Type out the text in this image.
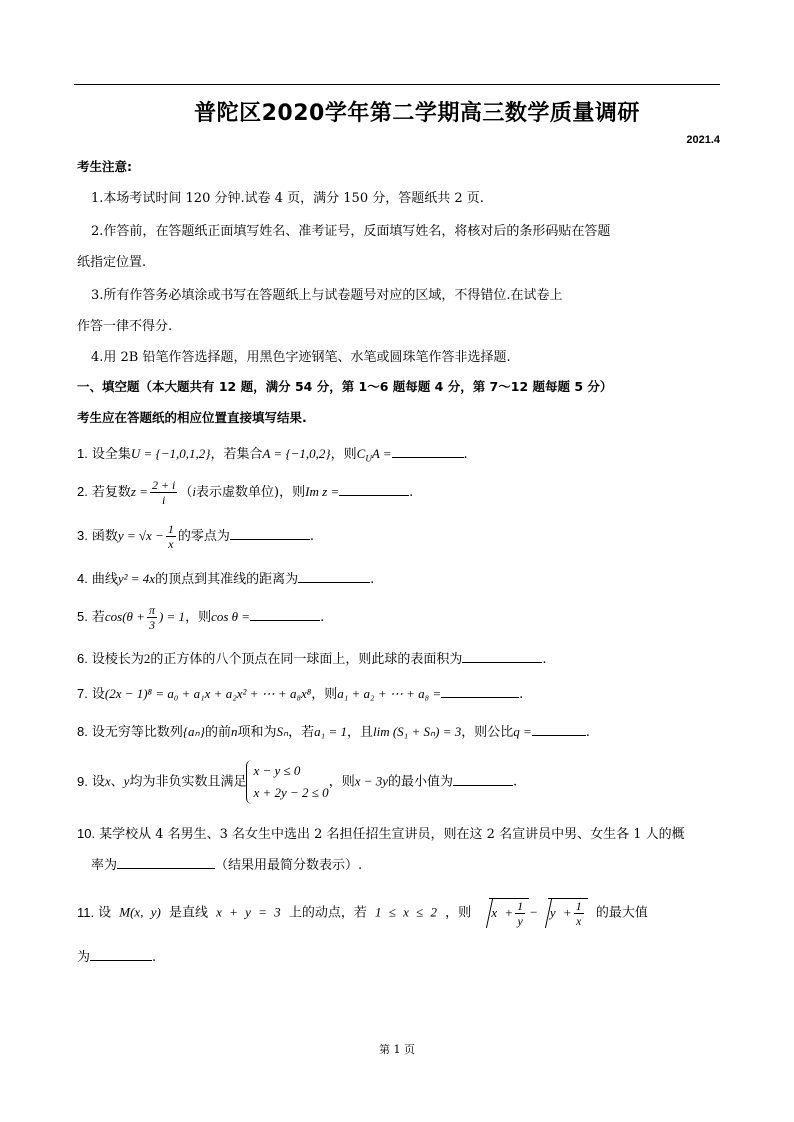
普陀区2020学年第二学期高三数学质量调研
2021.4
考生注意:
1.本场考试时间 120 分钟.试卷 4 页，满分 150 分，答题纸共 2 页.
2.作答前，在答题纸正面填写姓名、准考证号，反面填写姓名，将核对后的条形码贴在答题
纸指定位置.
3.所有作答务必填涂或书写在答题纸上与试卷题号对应的区域，不得错位.在试卷上
作答一律不得分.
4.用 2B 铅笔作答选择题，用黑色字迹钢笔、水笔或圆珠笔作答非选择题.
一、填空题（本大题共有 12 题，满分 54 分，第 1～6 题每题 4 分，第 7～12 题每题 5 分）
考生应在答题纸的相应位置直接填写结果.
1. 设全集U = {−1,0,1,2}，若集合A = {−1,0,2}，则$C_UA$ =	.
2. 若复数$z = \frac{2 + i}{i} (i$表示虚数单位)，则Im z =	.
3. 函数$y = √x - \frac{1}{x}$ 的零点为	.
4. 曲线y² = 4x的顶点到其准线的距离为	.
5. 若$\cos(\theta + \frac{\pi}{3}$ ) = 1，则cos θ =	.
6. 设棱长为2的正方体的八个顶点在同一球面上，则此球的表面积为	.
7. 设(2x − 1)⁸ = a₀ + a₁x + a₂x² + ⋯ + a₈x⁸，则a₁ + a₂ + ⋯ + a₈ =	.
8. 设无穷等比数列{aₙ}的前n项和为Sₙ，若a₁ = 1，且lim (S₁ + Sₙ) = 3，则公比q =	.
9. 设x、y均为非负实数且满足
x − y ≤ 0
x + 2y − 2 ≤ 0
，则x − 3y的最小值为	.
10. 某学校从 4 名男生、3 名女生中选出 2 名担任招生宣讲员，则在这 2 名宣讲员中男、女生各 1 人的概
率为	（结果用最简分数表示）.
11. 设 M(x, y) 是直线 x + y = 3 上的动点，若 1 ≤ x ≤ 2 ，则 $x + \frac{1}{y} - y + \frac{1}{x}$ 的最大值
为	.
第 1 页
